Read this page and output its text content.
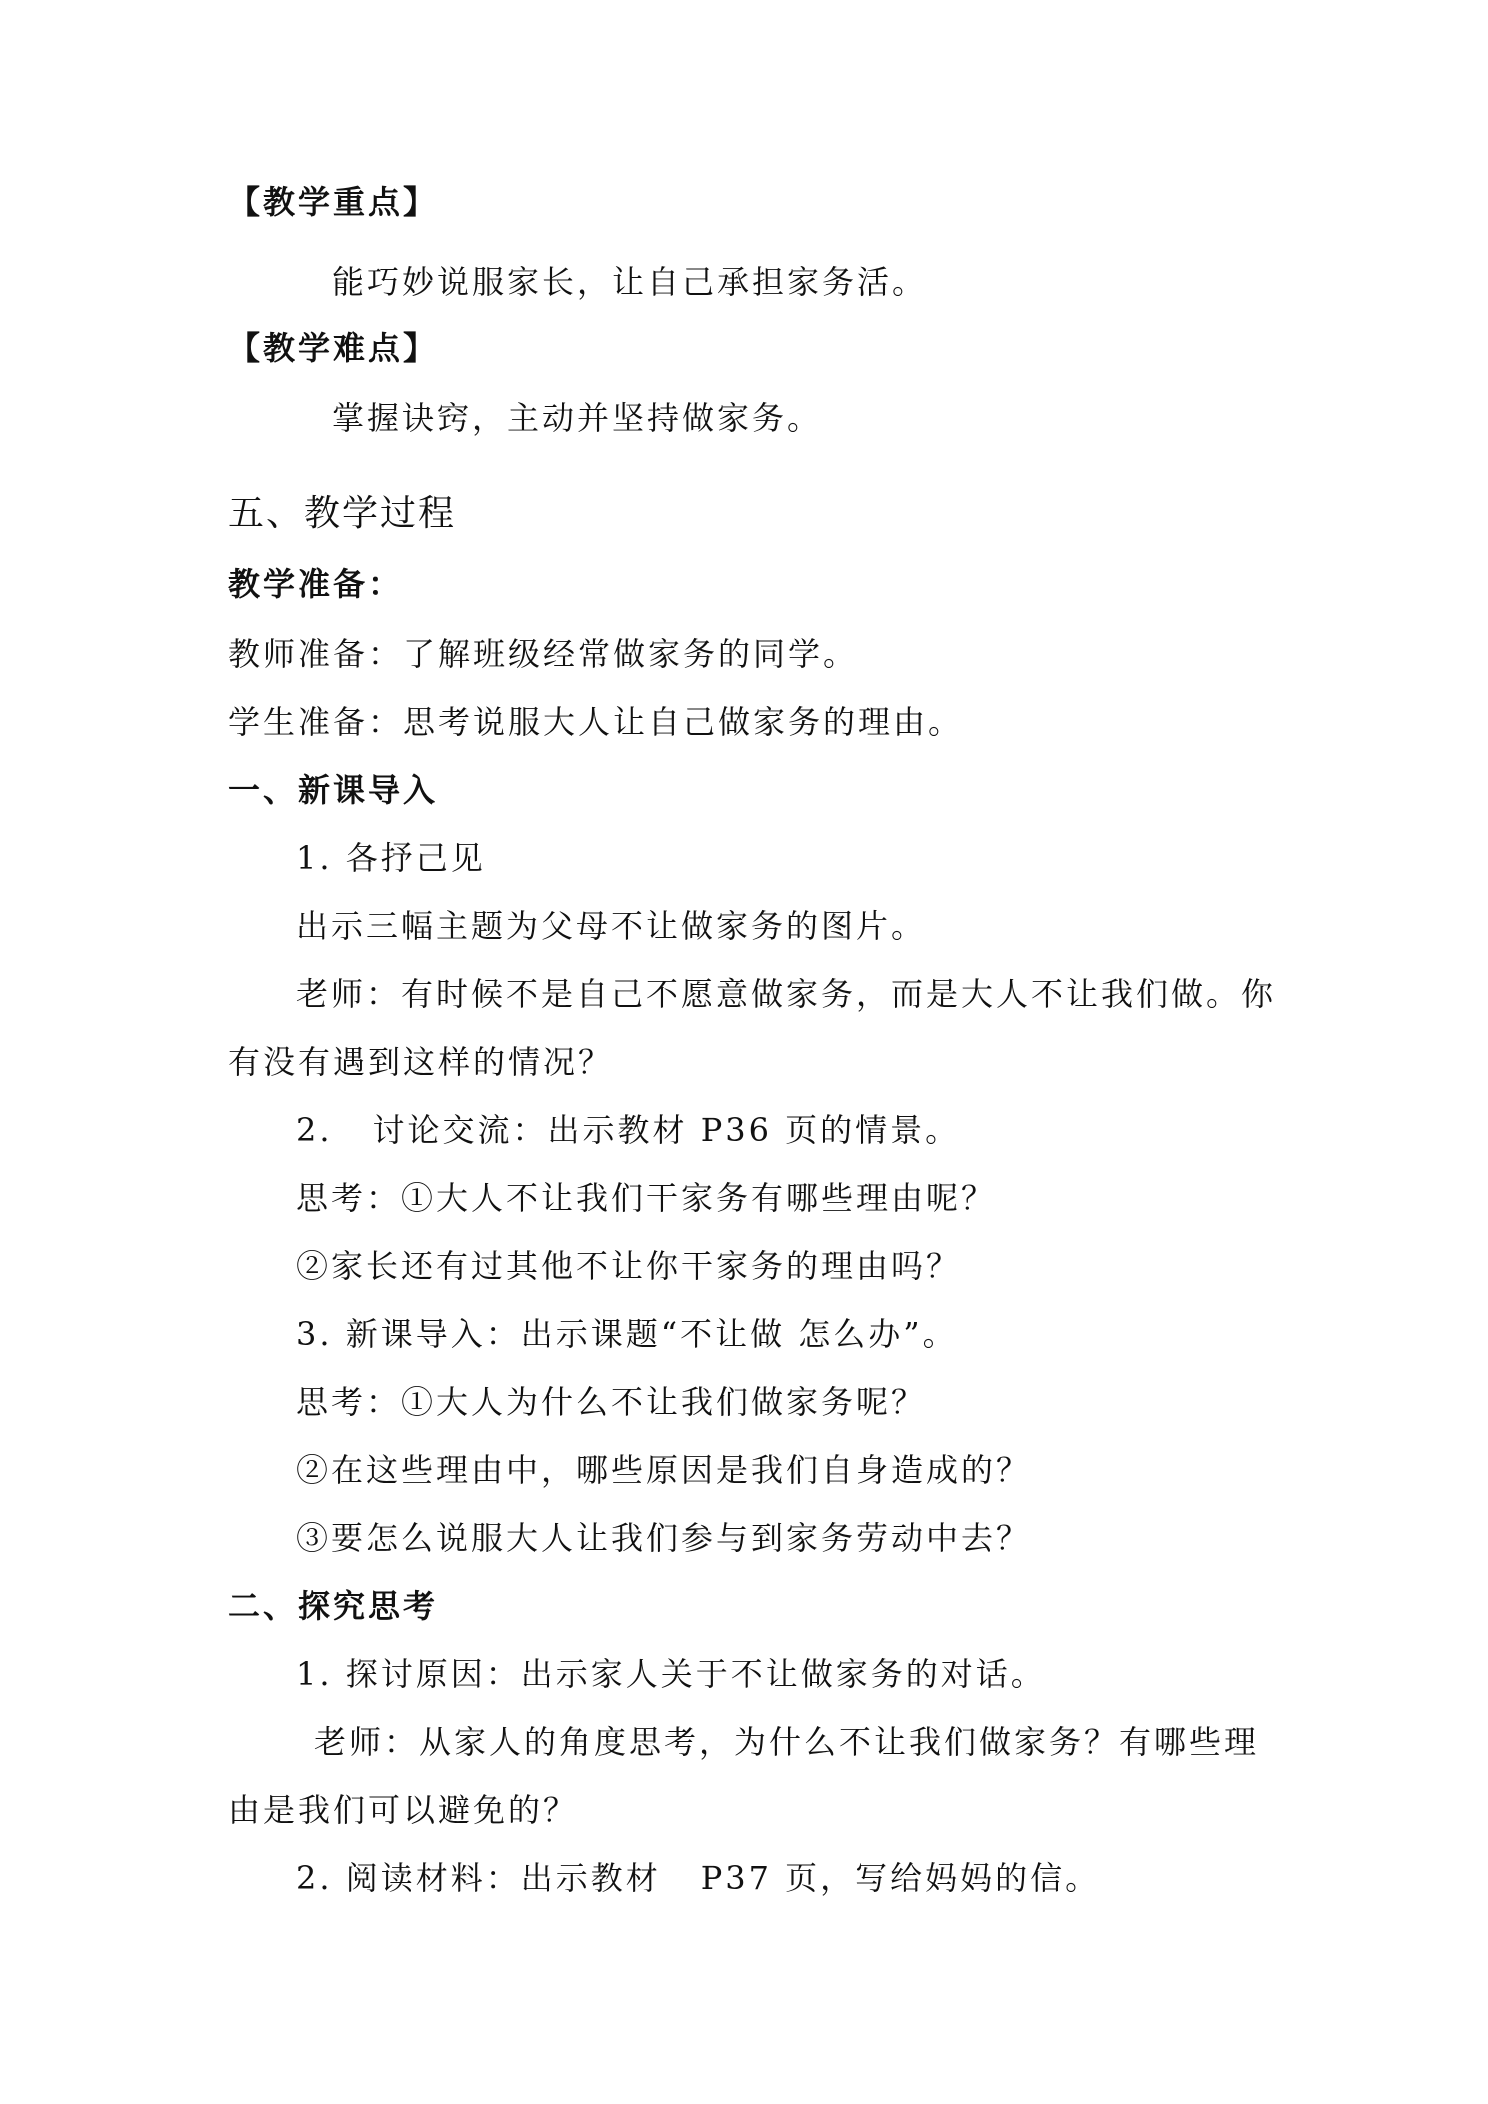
【教学重点】

能巧妙说服家长，让自己承担家务活。

【教学难点】

掌握诀窍，主动并坚持做家务。

五、教学过程

教学准备：

教师准备：了解班级经常做家务的同学。

学生准备：思考说服大人让自己做家务的理由。

一、新课导入

1. 各抒己见

出示三幅主题为父母不让做家务的图片。

老师：有时候不是自己不愿意做家务，而是大人不让我们做。你

有没有遇到这样的情况？

2. 讨论交流：出示教材 P36 页的情景。

思考：①大人不让我们干家务有哪些理由呢？

②家长还有过其他不让你干家务的理由吗？

3. 新课导入：出示课题“不让做 怎么办”。

思考：①大人为什么不让我们做家务呢？

②在这些理由中，哪些原因是我们自身造成的？

③要怎么说服大人让我们参与到家务劳动中去？

二、探究思考

1. 探讨原因：出示家人关于不让做家务的对话。

老师：从家人的角度思考，为什么不让我们做家务？有哪些理

由是我们可以避免的？

2. 阅读材料：出示教材 P37 页，写给妈妈的信。
